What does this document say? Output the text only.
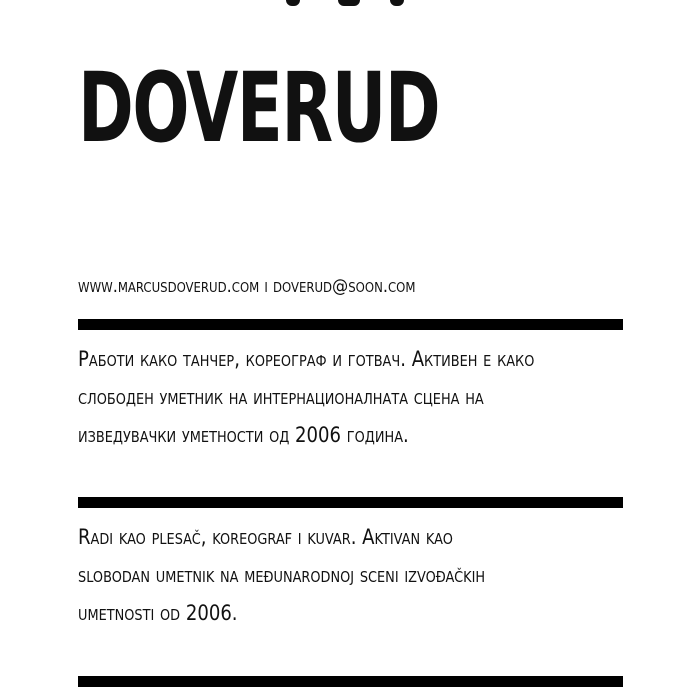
DOVERUD
www.marcusdoverud.com i doverud@soon.com
Работи како танчер, кореограф и готвач. Активен е како
слободен уметник на интернационалната сцена на
изведувачки уметности од 2006 година.
Radi kao plesač, koreograf i kuvar. Aktivan kao
slobodan umetnik na međunarodnoj sceni izvođačkih
umetnosti od 2006.
